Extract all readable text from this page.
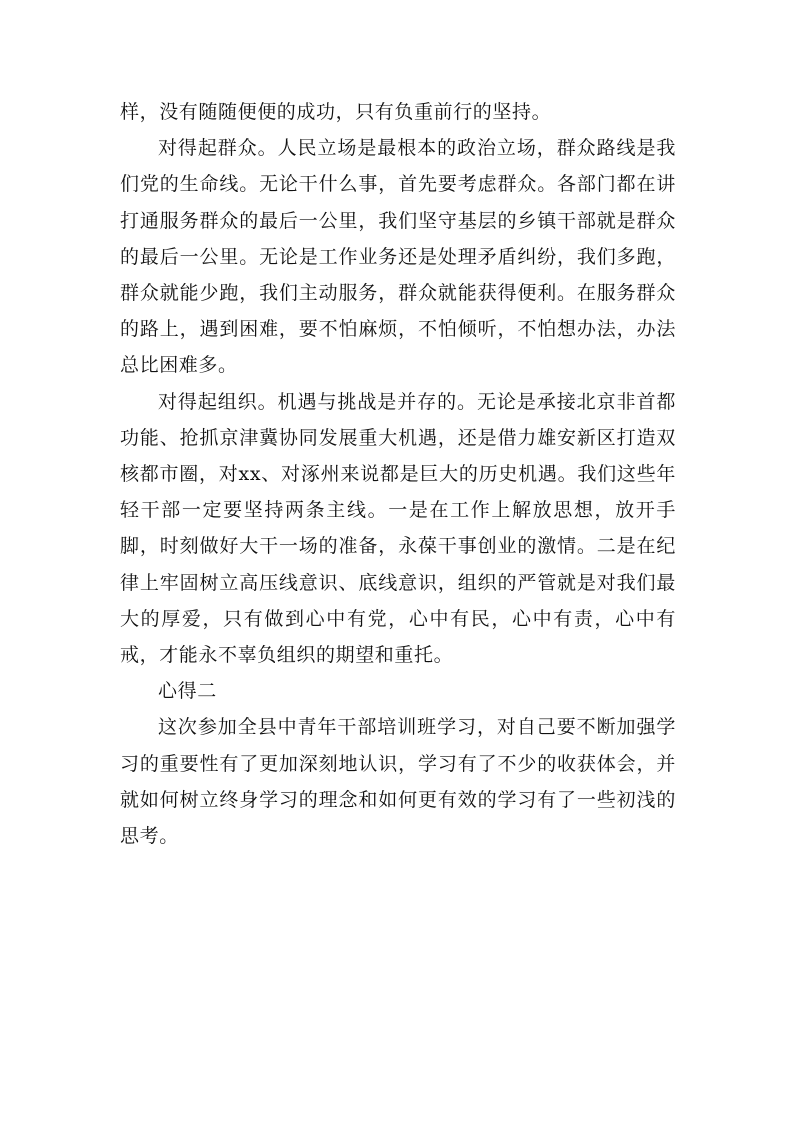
样，没有随随便便的成功，只有负重前行的坚持。

对得起群众。人民立场是最根本的政治立场，群众路线是我们党的生命线。无论干什么事，首先要考虑群众。各部门都在讲打通服务群众的最后一公里，我们坚守基层的乡镇干部就是群众的最后一公里。无论是工作业务还是处理矛盾纠纷，我们多跑，群众就能少跑，我们主动服务，群众就能获得便利。在服务群众的路上，遇到困难，要不怕麻烦，不怕倾听，不怕想办法，办法总比困难多。

对得起组织。机遇与挑战是并存的。无论是承接北京非首都功能、抢抓京津冀协同发展重大机遇，还是借力雄安新区打造双核都市圈，对xx、对涿州来说都是巨大的历史机遇。我们这些年轻干部一定要坚持两条主线。一是在工作上解放思想，放开手脚，时刻做好大干一场的准备，永葆干事创业的激情。二是在纪律上牢固树立高压线意识、底线意识，组织的严管就是对我们最大的厚爱，只有做到心中有党，心中有民，心中有责，心中有戒，才能永不辜负组织的期望和重托。

心得二

这次参加全县中青年干部培训班学习，对自己要不断加强学习的重要性有了更加深刻地认识，学习有了不少的收获体会，并就如何树立终身学习的理念和如何更有效的学习有了一些初浅的思考。
